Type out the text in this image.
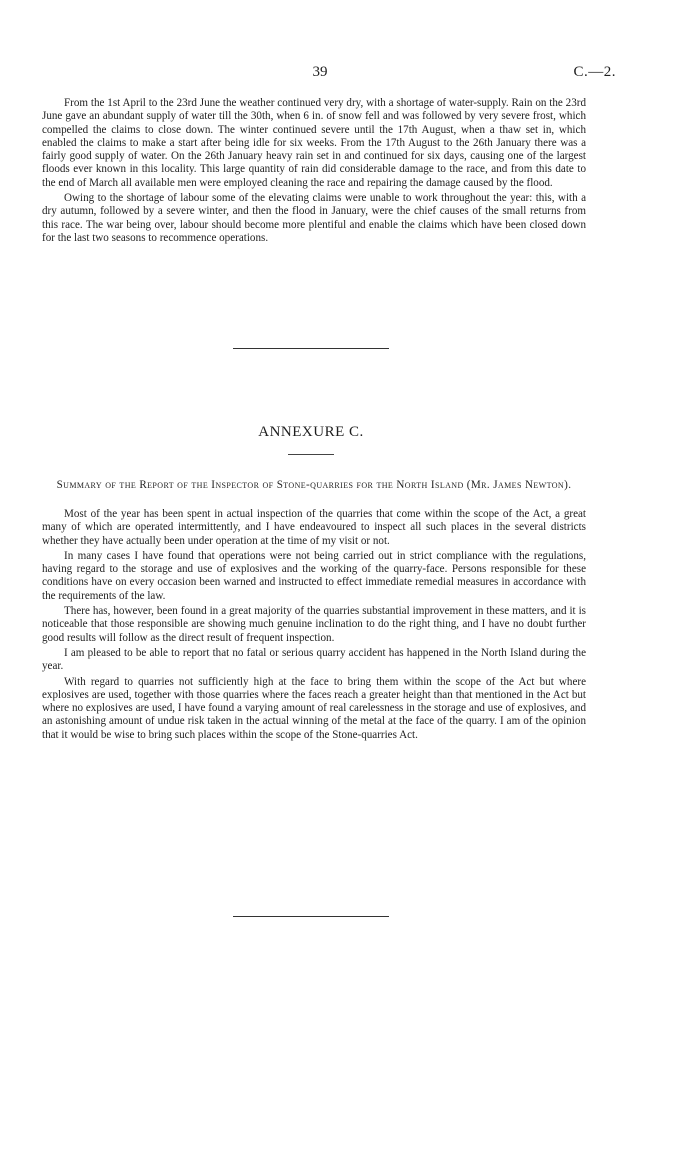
39	C.—2.

From the 1st April to the 23rd June the weather continued very dry, with a shortage of water-supply. Rain on the 23rd June gave an abundant supply of water till the 30th, when 6 in. of snow fell and was followed by very severe frost, which compelled the claims to close down. The winter continued severe until the 17th August, when a thaw set in, which enabled the claims to make a start after being idle for six weeks. From the 17th August to the 26th January there was a fairly good supply of water. On the 26th January heavy rain set in and continued for six days, causing one of the largest floods ever known in this locality. This large quantity of rain did considerable damage to the race, and from this date to the end of March all available men were employed cleaning the race and repairing the damage caused by the flood.

Owing to the shortage of labour some of the elevating claims were unable to work throughout the year: this, with a dry autumn, followed by a severe winter, and then the flood in January, were the chief causes of the small returns from this race. The war being over, labour should become more plentiful and enable the claims which have been closed down for the last two seasons to recommence operations.

ANNEXURE C.
Summary of the Report of the Inspector of Stone-quarries for the North Island (Mr. James Newton).

Most of the year has been spent in actual inspection of the quarries that come within the scope of the Act, a great many of which are operated intermittently, and I have endeavoured to inspect all such places in the several districts whether they have actually been under operation at the time of my visit or not.

In many cases I have found that operations were not being carried out in strict compliance with the regulations, having regard to the storage and use of explosives and the working of the quarry-face. Persons responsible for these conditions have on every occasion been warned and instructed to effect immediate remedial measures in accordance with the requirements of the law.

There has, however, been found in a great majority of the quarries substantial improvement in these matters, and it is noticeable that those responsible are showing much genuine inclination to do the right thing, and I have no doubt further good results will follow as the direct result of frequent inspection.

I am pleased to be able to report that no fatal or serious quarry accident has happened in the North Island during the year.

With regard to quarries not sufficiently high at the face to bring them within the scope of the Act but where explosives are used, together with those quarries where the faces reach a greater height than that mentioned in the Act but where no explosives are used, I have found a varying amount of real carelessness in the storage and use of explosives, and an astonishing amount of undue risk taken in the actual winning of the metal at the face of the quarry. I am of the opinion that it would be wise to bring such places within the scope of the Stone-quarries Act.
